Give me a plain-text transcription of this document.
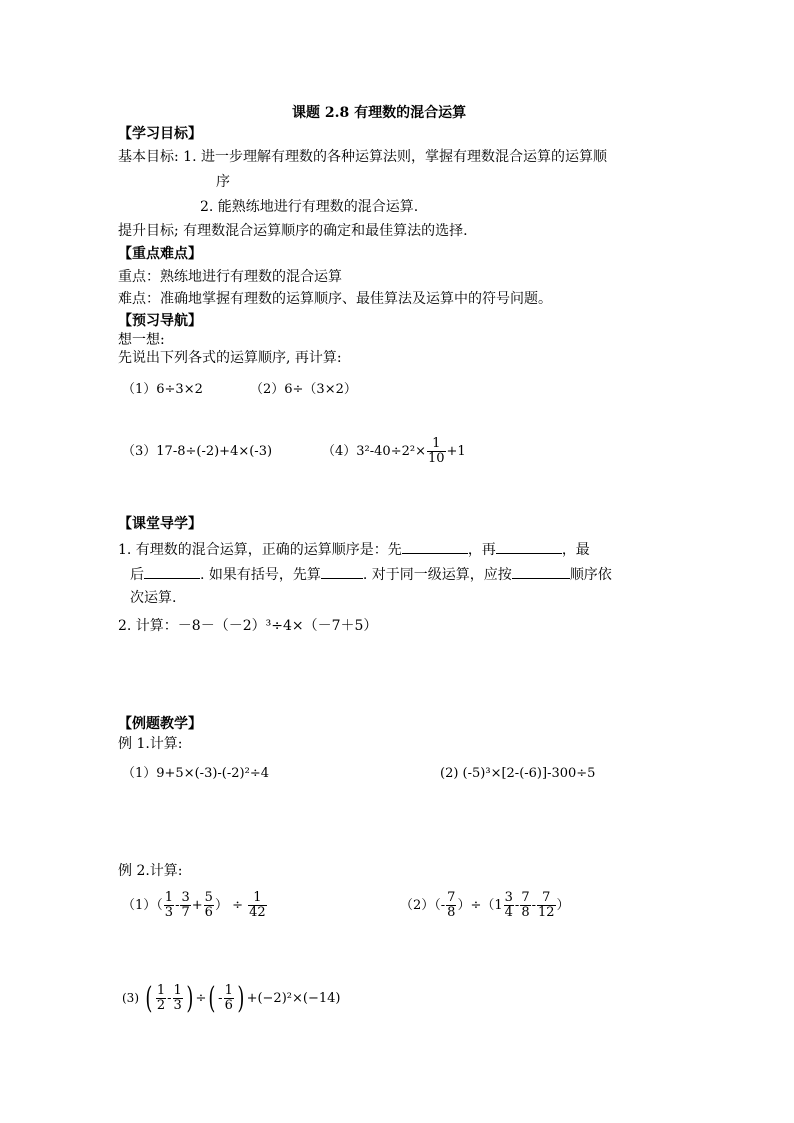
课题 2.8 有理数的混合运算
【学习目标】
基本目标: 1. 进一步理解有理数的各种运算法则，掌握有理数混合运算的运算顺
序
2. 能熟练地进行有理数的混合运算.
提升目标; 有理数混合运算顺序的确定和最佳算法的选择.
【重点难点】
重点：熟练地进行有理数的混合运算
难点：准确地掌握有理数的运算顺序、最佳算法及运算中的符号问题。
【预习导航】
想一想:
先说出下列各式的运算顺序, 再计算:
（1）6÷3×2	（2）6÷（3×2）
（3）17-8÷(-2)+4×(-3)	$(4)3^2-40\div 2^2\times \frac{1}{10} +1$
【课堂导学】
1. 有理数的混合运算，正确的运算顺序是：先	，再	，最
后	. 如果有括号，先算	. 对于同一级运算，应按	顺序依
次运算.
2. 计算：－8－（－2）³÷4×（－7＋5）
【例题教学】
例 1.计算:
（1）9+5×(-3)-(-2)²÷4	(2) (-5)³×[2-(-6)]-300÷5
例 2.计算:
$(1)( \frac{1}{3} - \frac{3}{7} + \frac{5}{6}$ ） ÷ $\frac{1}{42}$	$(2)(- \frac{7}{8} )\div(1 \frac{3}{4} - \frac{7}{8} - \frac{7}{12}$ ）
(3) ( $\frac{1}{2} - \frac{1}{3}$ ) ÷( - $\frac{1}{6}$ ) +(−2)²×(−14)
